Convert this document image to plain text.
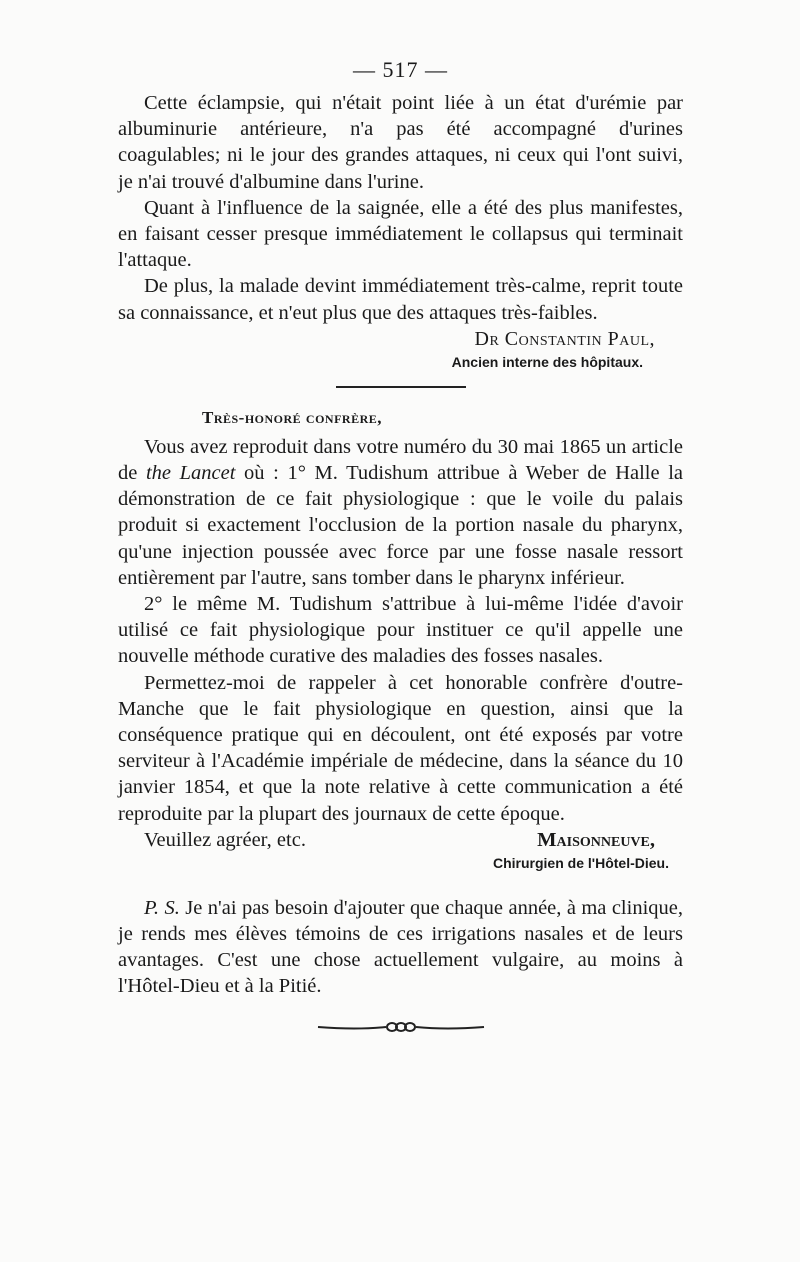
— 517 —

Cette éclampsie, qui n'était point liée à un état d'urémie par albuminurie antérieure, n'a pas été accompagné d'urines coagulables; ni le jour des grandes attaques, ni ceux qui l'ont suivi, je n'ai trouvé d'albumine dans l'urine.

Quant à l'influence de la saignée, elle a été des plus manifestes, en faisant cesser presque immédiatement le collapsus qui terminait l'attaque.

De plus, la malade devint immédiatement très-calme, reprit toute sa connaissance, et n'eut plus que des attaques très-faibles.

Dr Constantin Paul,
Ancien interne des hôpitaux.
Très-honoré confrère,

Vous avez reproduit dans votre numéro du 30 mai 1865 un article de the Lancet où : 1° M. Tudishum attribue à Weber de Halle la démonstration de ce fait physiologique : que le voile du palais produit si exactement l'occlusion de la portion nasale du pharynx, qu'une injection poussée avec force par une fosse nasale ressort entièrement par l'autre, sans tomber dans le pharynx inférieur.

2° le même M. Tudishum s'attribue à lui-même l'idée d'avoir utilisé ce fait physiologique pour instituer ce qu'il appelle une nouvelle méthode curative des maladies des fosses nasales.

Permettez-moi de rappeler à cet honorable confrère d'outre-Manche que le fait physiologique en question, ainsi que la conséquence pratique qui en découlent, ont été exposés par votre serviteur à l'Académie impériale de médecine, dans la séance du 10 janvier 1854, et que la note relative à cette communication a été reproduite par la plupart des journaux de cette époque.

Veuillez agréer, etc.	Maisonneuve,
Chirurgien de l'Hôtel-Dieu.

P. S. Je n'ai pas besoin d'ajouter que chaque année, à ma clinique, je rends mes élèves témoins de ces irrigations nasales et de leurs avantages. C'est une chose actuellement vulgaire, au moins à l'Hôtel-Dieu et à la Pitié.
